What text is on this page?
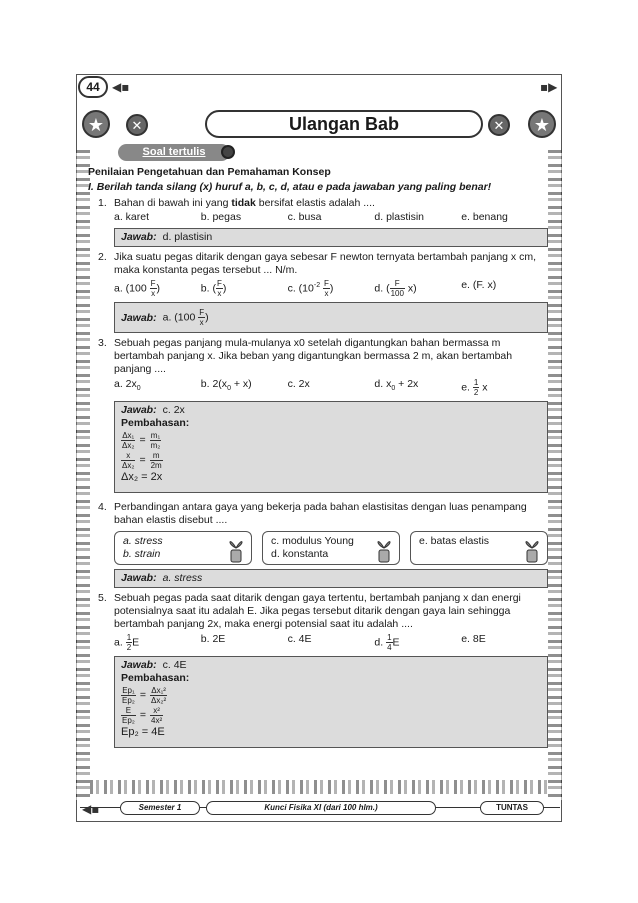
44	◀▪	▪▶
★	✕	Ulangan Bab	✕	★
Soal tertulis
Penilaian Pengetahuan dan Pemahaman Konsep
I. Berilah tanda silang (x) huruf a, b, c, d, atau e pada jawaban yang paling benar!
1. Bahan di bawah ini yang tidak bersifat elastis adalah ....
a. karet	b. pegas	c. busa	d. plastisin	e. benang
Jawab: d. plastisin
2. Jika suatu pegas ditarik dengan gaya sebesar F newton ternyata bertambah panjang x cm, maka konstanta pegas tersebut ... N/m.
a. ($100 \frac{F}{x}$ )	b. ( $\frac{F}{x}$ )	c. ($10^{-2} \frac{F}{x}$ )	d. ( $\frac{F}{100} x$)	e. (F. x)
Jawab: a. ($100 \frac{F}{x}$ )
3. Sebuah pegas panjang mula-mulanya x0 setelah digantungkan bahan bermassa m bertambah panjang x. Jika beban yang digantungkan bermassa 2 m, akan bertambah panjang ....
a. $2x_0$	b. $2(x_0 + x)$	c. 2x	d. $x_0 + 2x$	e. $\frac{1}{2}$ x
Jawab: c. 2x
Pembahasan:
$\frac{\text{Δx₁}}{\text{Δx₂}} = \frac{\text{m₁}}{\text{m₂}}$
$\frac{x}{\text{Δx₂}} = \frac{m}{2m}$
Δx₂ = 2x
4. Perbandingan antara gaya yang bekerja pada bahan elastisitas dengan luas penampang bahan elastis disebut ....
a. stress
b. strain
c. modulus Young
d. konstanta
e. batas elastis
Jawab: a. stress
5. Sebuah pegas pada saat ditarik dengan gaya tertentu, bertambah panjang x dan energi potensialnya saat itu adalah E. Jika pegas tersebut ditarik dengan gaya lain sehingga bertambah panjang 2x, maka energi potensial saat itu adalah ....
a. $\frac{1}{2}$ E	b. 2E	c. 4E	d. $\frac{1}{4}$ E	e. 8E
Jawab: c. 4E
Pembahasan:
$\frac{\text{Ep₁}}{\text{Ep₂}} = \frac{\text{Δx₁²}}{\text{Δx₂²}}$
$\frac{E}{\text{Ep₂}} = \frac{\text{x²}}{\text{4x²}}$
Ep₂ = 4E
◀▪	Semester 1	Kunci Fisika XI (dari 100 hlm.)	TUNTAS
